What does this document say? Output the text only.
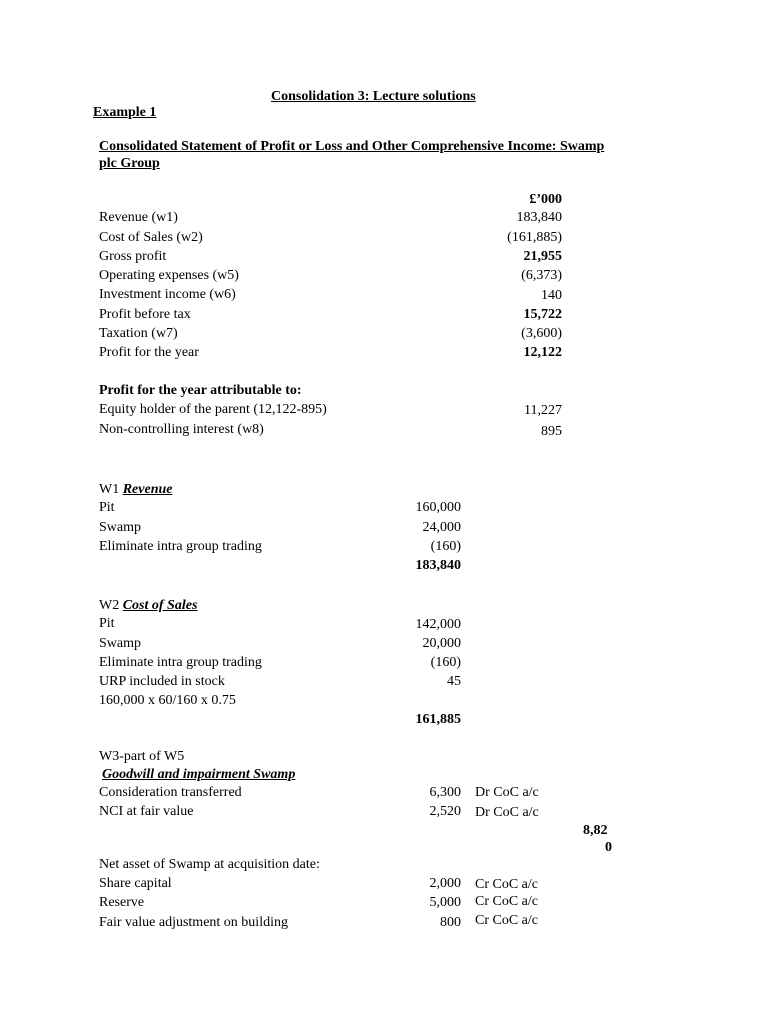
Consolidation 3: Lecture solutions
Example 1
Consolidated Statement of Profit or Loss and Other Comprehensive Income: Swamp
plc Group
£’000
Revenue (w1)	183,840
Cost of Sales (w2)	(161,885)
Gross profit	21,955
Operating expenses (w5)	(6,373)
Investment income (w6)	140
Profit before tax	15,722
Taxation (w7)	(3,600)
Profit for the year	12,122
Profit for the year attributable to:
Equity holder of the parent (12,122-895)	11,227
Non-controlling interest (w8)	895
W1 Revenue
Pit	160,000
Swamp	24,000
Eliminate intra group trading	(160)
183,840
W2 Cost of Sales
Pit	142,000
Swamp	20,000
Eliminate intra group trading	(160)
URP included in stock	45
160,000 x 60/160 x 0.75
161,885
W3-part of W5
Goodwill and impairment Swamp
Consideration transferred	6,300 Dr CoC a/c
NCI at fair value	2,520 Dr CoC a/c
8,82
0
Net asset of Swamp at acquisition date:
Share capital	2,000 Cr CoC a/c
Reserve	5,000 Cr CoC a/c
Fair value adjustment on building	800 Cr CoC a/c
